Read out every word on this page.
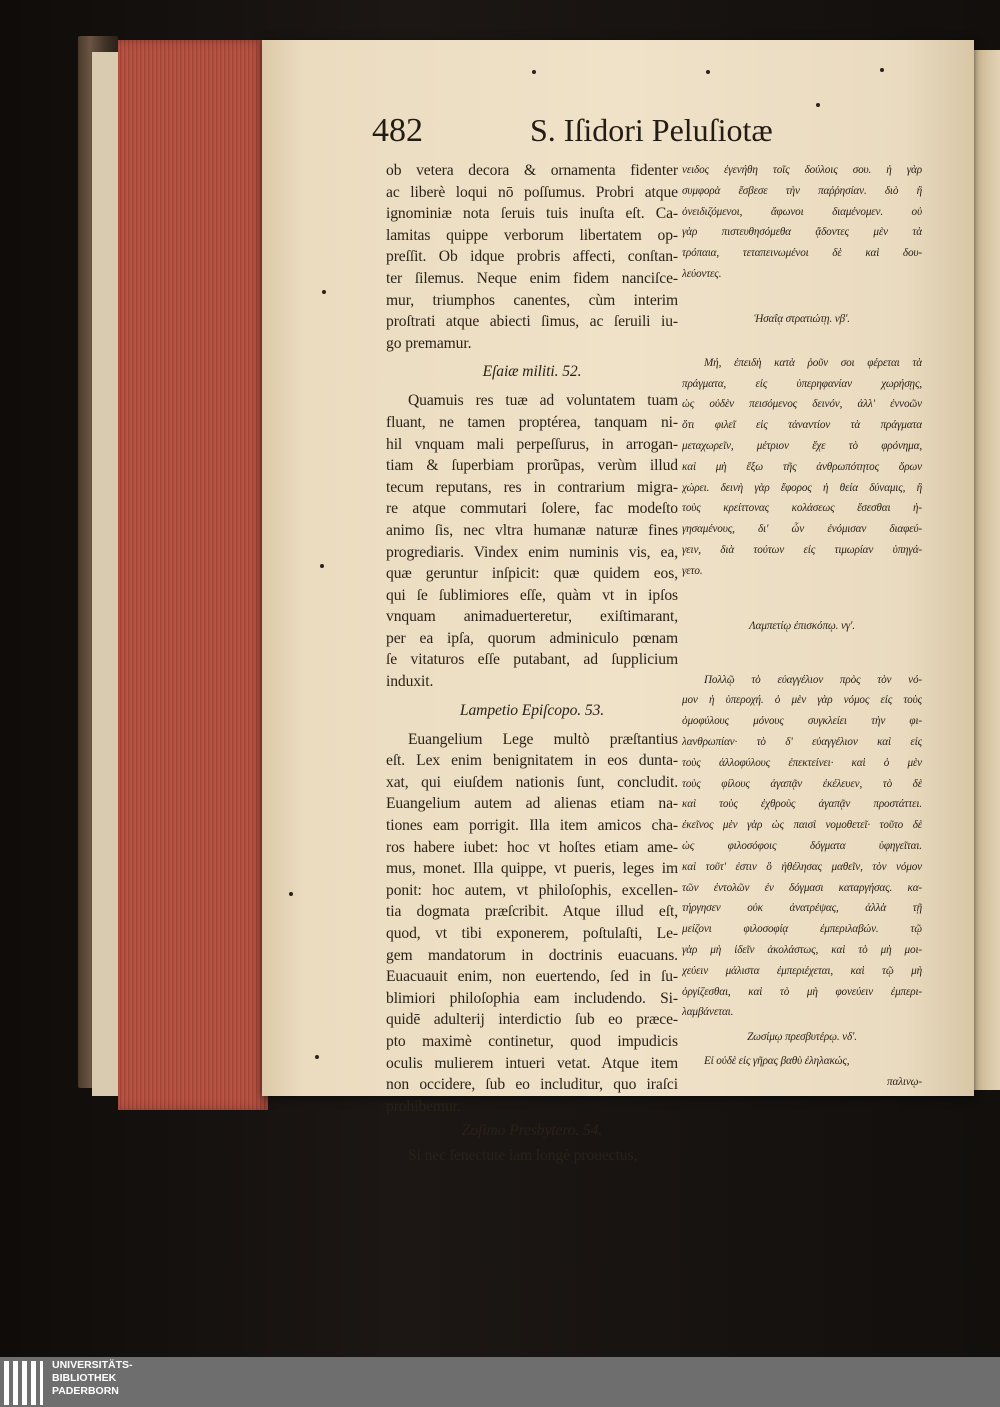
482	S. Iſidori Peluſiotæ
ob vetera decora & ornamenta fidenter
ac liberè loqui nō poſſumus. Probri atque
ignominiæ nota ſeruis tuis inuſta eſt. Ca-
lamitas quippe verborum libertatem op-
preſſit. Ob idque probris affecti, conſtan-
ter ſilemus. Neque enim fidem nanciſce-
mur, triumphos canentes, cùm interim
proſtrati atque abiecti ſimus, ac ſeruili iu-
go premamur.
Eſaiæ militi. 52.
Quamuis res tuæ ad voluntatem tuam
fluant, ne tamen proptérea, tanquam ni-
hil vnquam mali perpeſſurus, in arrogan-
tiam & ſuperbiam prorũpas, verùm illud
tecum reputans, res in contrarium migra-
re atque commutari ſolere, fac modeſto
animo ſis, nec vltra humanæ naturæ fines
progrediaris. Vindex enim numinis vis, ea,
quæ geruntur inſpicit: quæ quidem eos,
qui ſe ſublimiores eſſe, quàm vt in ipſos
vnquam animaduerteretur, exiſtimarant,
per ea ipſa, quorum adminiculo pœnam
ſe vitaturos eſſe putabant, ad ſupplicium
induxit.
Lampetio Epiſcopo. 53.
Euangelium Lege multò præſtantius
eſt. Lex enim benignitatem in eos dunta-
xat, qui eiuſdem nationis ſunt, concludit.
Euangelium autem ad alienas etiam na-
tiones eam porrigit. Illa item amicos cha-
ros habere iubet: hoc vt hoſtes etiam ame-
mus, monet. Illa quippe, vt pueris, leges im
ponit: hoc autem, vt philoſophis, excellen-
tia dogmata præſcribit. Atque illud eſt,
quod, vt tibi exponerem, poſtulaſti, Le-
gem mandatorum in doctrinis euacuans.
Euacuauit enim, non euertendo, ſed in ſu-
blimiori philoſophia eam includendo. Si-
quidē adulterij interdictio ſub eo præce-
pto maximè continetur, quod impudicis
oculis mulierem intueri vetat. Atque item
non occidere, ſub eo includitur, quo iraſci
prohibemur.
Zoſimo Presbytero. 54.
Si nec ſenectute iam longè prouectus,
νειδος ἐγενήθη τοῖς δούλοις σου. ἡ γὰρ
συμφορὰ ἔσβεσε τὴν παῤῥησίαν. διὸ ἢ
ὀνειδιζόμενοι, ἄφωνοι διαμένομεν. οὐ
γὰρ πιστευθησόμεθα ᾄδοντες μὲν τὰ
τρόπαια, τεταπεινωμένοι δὲ καὶ δου-
λεύοντες.
Ἡσαΐᾳ στρατιώτῃ. νβʹ.
Μή, ἐπειδὴ κατὰ ῥοῦν σοι φέρεται τὰ
πράγματα, εἰς ὑπερηφανίαν χωρήσῃς,
ὡς οὐδὲν πεισόμενος δεινόν, ἀλλ' ἐννοῶν
ὅτι φιλεῖ εἰς τἀναντίον τὰ πράγματα
μεταχωρεῖν, μέτριον ἔχε τὸ φρόνημα,
καὶ μὴ ἔξω τῆς ἀνθρωπότητος ὅρων
χώρει. δεινὴ γὰρ ἔφορος ἡ θεία δύναμις, ἣ
τοὺς κρείττονας κολάσεως ἔσεσθαι ἡ-
γησαμένους, δι' ὧν ἐνόμισαν διαφεύ-
γειν, διὰ τούτων εἰς τιμωρίαν ὑπηγά-
γετο.
Λαμπετίῳ ἐπισκόπῳ. νγʹ.
Πολλῷ τὸ εὐαγγέλιον πρὸς τὸν νό-
μον ἡ ὑπεροχή. ὁ μὲν γὰρ νόμος εἰς τοὺς
ὁμοφύλους μόνους συγκλείει τὴν φι-
λανθρωπίαν· τὸ δ' εὐαγγέλιον καὶ εἰς
τοὺς ἀλλοφύλους ἐπεκτείνει· καὶ ὁ μὲν
τοὺς φίλους ἀγαπᾷν ἐκέλευεν, τὸ δὲ
καὶ τοὺς ἐχθροὺς ἀγαπᾷν προστάττει.
ἐκεῖνος μὲν γὰρ ὡς παισὶ νομοθετεῖ· τοῦτο δὲ
ὡς φιλοσόφοις δόγματα ὑφηγεῖται.
καὶ τοῦτ' ἐστιν ὃ ἠθέλησας μαθεῖν, τὸν νόμον
τῶν ἐντολῶν ἐν δόγμασι καταργήσας. κα-
τήργησεν οὐκ ἀνατρέψας, ἀλλὰ τῇ
μείζονι φιλοσοφίᾳ ἐμπεριλαβών. τῷ
γὰρ μὴ ἰδεῖν ἀκολάστως, καὶ τὸ μὴ μοι-
χεύειν μάλιστα ἐμπεριέχεται, καὶ τῷ μὴ
ὀργίζεσθαι, καὶ τὸ μὴ φονεύειν ἐμπερι-
λαμβάνεται.
Ζωσίμῳ πρεσβυτέρῳ. νδʹ.
Εἰ οὐδὲ εἰς γῆρας βαθὺ ἐληλακώς,
παλινῳ-
UNIVERSITÄTS-
BIBLIOTHEK
PADERBORN
